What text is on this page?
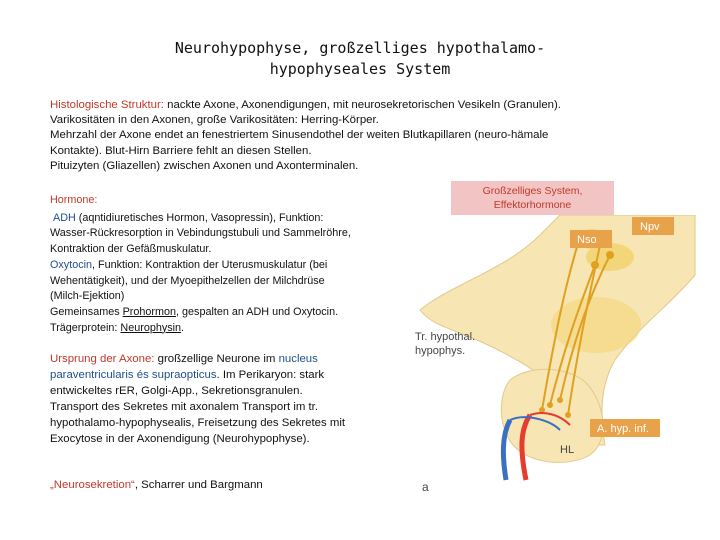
Neurohypophyse, großzelliges hypothalamo-
hypophyseales System
Histologische Struktur: nackte Axone, Axonendigungen, mit neurosekretorischen Vesikeln (Granulen).
Varikositäten in den Axonen, große Varikositäten: Herring-Körper.
Mehrzahl der Axone endet an fenestriertem Sinusendothel der weiten Blutkapillaren (neuro-hämale
Kontakte). Blut-Hirn Barriere fehlt an diesen Stellen.
Pituizyten (Gliazellen) zwischen Axonen und Axonterminalen.
Hormone:
ADH (aqntidiuretisches Hormon, Vasopressin), Funktion:
Wasser-Rückresorption in Vebindungstubuli und Sammelröhre,
Kontraktion der Gefäßmuskulatur.
Oxytocin, Funktion: Kontraktion der Uterusmuskulatur (bei
Wehentätigkeit), und der Myoepithelzellen der Milchdrüse
(Milch-Ejektion)
Gemeinsames Prohormon, gespalten an ADH und Oxytocin.
Trägerprotein: Neurophysin.
Ursprung der Axone: großzellige Neurone im nucleus
paraventricularis és supraopticus. Im Perikaryon: stark
entwickeltes rER, Golgi-App., Sekretionsgranulen.
Transport des Sekretes mit axonalem Transport im tr.
hypothalamo-hypophysealis, Freisetzung des Sekretes mit
Exocytose in der Axonendigung (Neurohypophyse).
„Neurosekretion“, Scharrer und Bargmann
Großzelliges System,
Effektorhormone
Npv
Nso
Tr. hypothal.
hypophys.
HL
A. hyp. inf.
a
